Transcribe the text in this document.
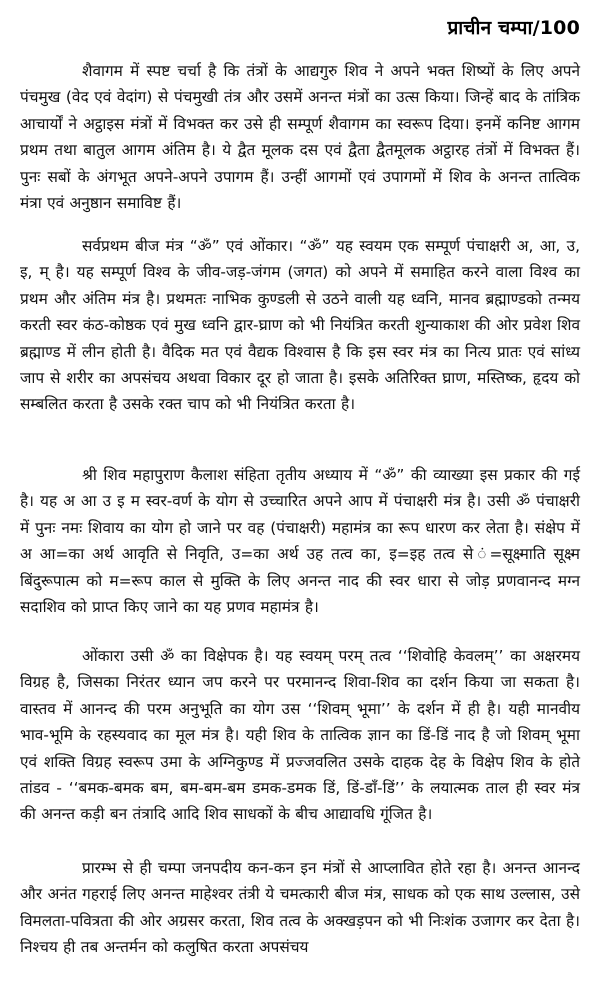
प्राचीन चम्पा/100
शैवागम में स्पष्ट चर्चा है कि तंत्रों के आद्यगुरु शिव ने अपने भक्त शिष्यों के लिए अपने पंचमुख (वेद एवं वेदांग) से पंचमुखी तंत्र और उसमें अनन्त मंत्रों का उत्स किया। जिन्हें बाद के तांत्रिक आचार्यों ने अट्ठाइस मंत्रों में विभक्त कर उसे ही सम्पूर्ण शैवागम का स्वरूप दिया। इनमें कनिष्ट आगम प्रथम तथा बातुल आगम अंतिम है। ये द्वैत मूलक दस एवं द्वैता द्वैतमूलक अट्ठारह तंत्रों में विभक्त हैं। पुनः सबों के अंगभूत अपने-अपने उपागम हैं। उन्हीं आगमों एवं उपागमों में शिव के अनन्त तात्विक मंत्रा एवं अनुष्ठान समाविष्ट हैं।
सर्वप्रथम बीज मंत्र “ॐ” एवं ओंकार। “ॐ” यह स्वयम एक सम्पूर्ण पंचाक्षरी अ, आ, उ, इ, म् है। यह सम्पूर्ण विश्व के जीव-जड़-जंगम (जगत) को अपने में समाहित करने वाला विश्व का प्रथम और अंतिम मंत्र है। प्रथमतः नाभिक कुण्डली से उठने वाली यह ध्वनि, मानव ब्रह्माण्डको तन्मय करती स्वर कंठ-कोष्ठक एवं मुख ध्वनि द्वार-घ्राण को भी नियंत्रित करती शुन्याकाश की ओर प्रवेश शिव ब्रह्माण्ड में लीन होती है। वैदिक मत एवं वैद्यक विश्वास है कि इस स्वर मंत्र का नित्य प्रातः एवं सांध्य जाप से शरीर का अपसंचय अथवा विकार दूर हो जाता है। इसके अतिरिक्त घ्राण, मस्तिष्क, हृदय को सम्बलित करता है उसके रक्त चाप को भी नियंत्रित करता है।
श्री शिव महापुराण कैलाश संहिता तृतीय अध्याय में “ॐ” की व्याख्या इस प्रकार की गई है। यह अ आ उ इ म स्वर-वर्ण के योग से उच्चारित अपने आप में पंचाक्षरी मंत्र है। उसी ॐ पंचाक्षरी में पुनः नमः शिवाय का योग हो जाने पर वह (पंचाक्षरी) महामंत्र का रूप धारण कर लेता है। संक्षेप में अ आ=का अर्थ आवृति से निवृति, उ=का अर्थ उह तत्व का, इ=इह तत्व से ं=सूक्ष्माति सूक्ष्म बिंदुरूपात्म को म=रूप काल से मुक्ति के लिए अनन्त नाद की स्वर धारा से जोड़ प्रणवानन्द मग्न सदाशिव को प्राप्त किए जाने का यह प्रणव महामंत्र है।
ओंकारा उसी ॐ का विक्षेपक है। यह स्वयम् परम् तत्व ‘‘शिवोहि केवलम्’’ का अक्षरमय विग्रह है, जिसका निरंतर ध्यान जप करने पर परमानन्द शिवा-शिव का दर्शन किया जा सकता है। वास्तव में आनन्द की परम अनुभूति का योग उस ‘‘शिवम् भूमा’’ के दर्शन में ही है। यही मानवीय भाव-भूमि के रहस्यवाद का मूल मंत्र है। यही शिव के तात्विक ज्ञान का डिं-डिं नाद है जो शिवम् भूमा एवं शक्ति विग्रह स्वरूप उमा के अग्निकुण्ड में प्रज्जवलित उसके दाहक देह के विक्षेप शिव के होते तांडव - ‘‘बमक-बमक बम, बम-बम-बम डमक-डमक डिं, डिं-डाँ-डिं’’ के लयात्मक ताल ही स्वर मंत्र की अनन्त कड़ी बन तंत्रादि आदि शिव साधकों के बीच आद्यावधि गूंजित है।
प्रारम्भ से ही चम्पा जनपदीय कन-कन इन मंत्रों से आप्लावित होते रहा है। अनन्त आनन्द और अनंत गहराई लिए अनन्त माहेश्वर तंत्री ये चमत्कारी बीज मंत्र, साधक को एक साथ उल्लास, उसे विमलता-पवित्रता की ओर अग्रसर करता, शिव तत्व के अक्खड़पन को भी निःशंक उजागर कर देता है। निश्चय ही तब अन्तर्मन को कलुषित करता अपसंचय
